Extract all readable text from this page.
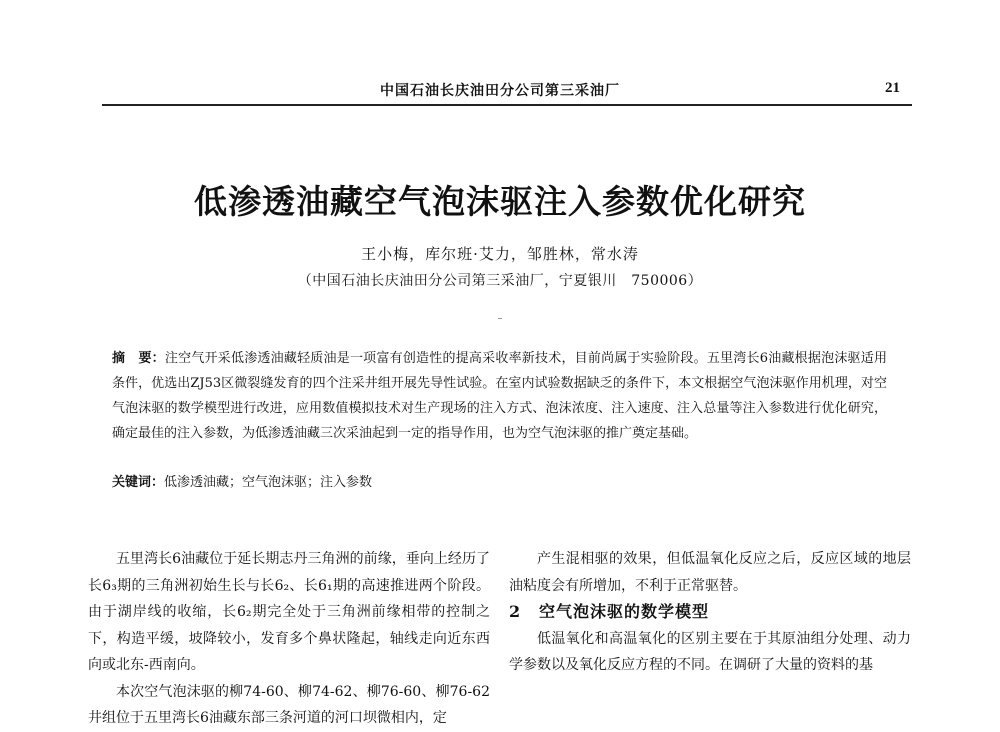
中国石油长庆油田分公司第三采油厂	21
低渗透油藏空气泡沫驱注入参数优化研究
王小梅，库尔班·艾力，邹胜林，常水涛
（中国石油长庆油田分公司第三采油厂，宁夏银川　750006）
摘　要：注空气开采低渗透油藏轻质油是一项富有创造性的提高采收率新技术，目前尚属于实验阶段。五里湾长6油藏根据泡沫驱适用条件，优选出ZJ53区微裂缝发育的四个注采井组开展先导性试验。在室内试验数据缺乏的条件下，本文根据空气泡沫驱作用机理，对空气泡沫驱的数学模型进行改进，应用数值模拟技术对生产现场的注入方式、泡沫浓度、注入速度、注入总量等注入参数进行优化研究，确定最佳的注入参数，为低渗透油藏三次采油起到一定的指导作用，也为空气泡沫驱的推广奠定基础。
关键词：低渗透油藏；空气泡沫驱；注入参数

五里湾长6油藏位于延长期志丹三角洲的前缘，垂向上经历了长6₃期的三角洲初始生长与长6₂、长6₁期的高速推进两个阶段。由于湖岸线的收缩，长6₂期完全处于三角洲前缘相带的控制之下，构造平缓，坡降较小，发育多个鼻状隆起，轴线走向近东西向或北东-西南向。

本次空气泡沫驱的柳74-60、柳74-62、柳76-60、柳76-62井组位于五里湾长6油藏东部三条河道的河口坝微相内，定

产生混相驱的效果，但低温氧化反应之后，反应区域的地层油粘度会有所增加，不利于正常驱替。

2 空气泡沫驱的数学模型

低温氧化和高温氧化的区别主要在于其原油组分处理、动力学参数以及氧化反应方程的不同。在调研了大量的资料的基
